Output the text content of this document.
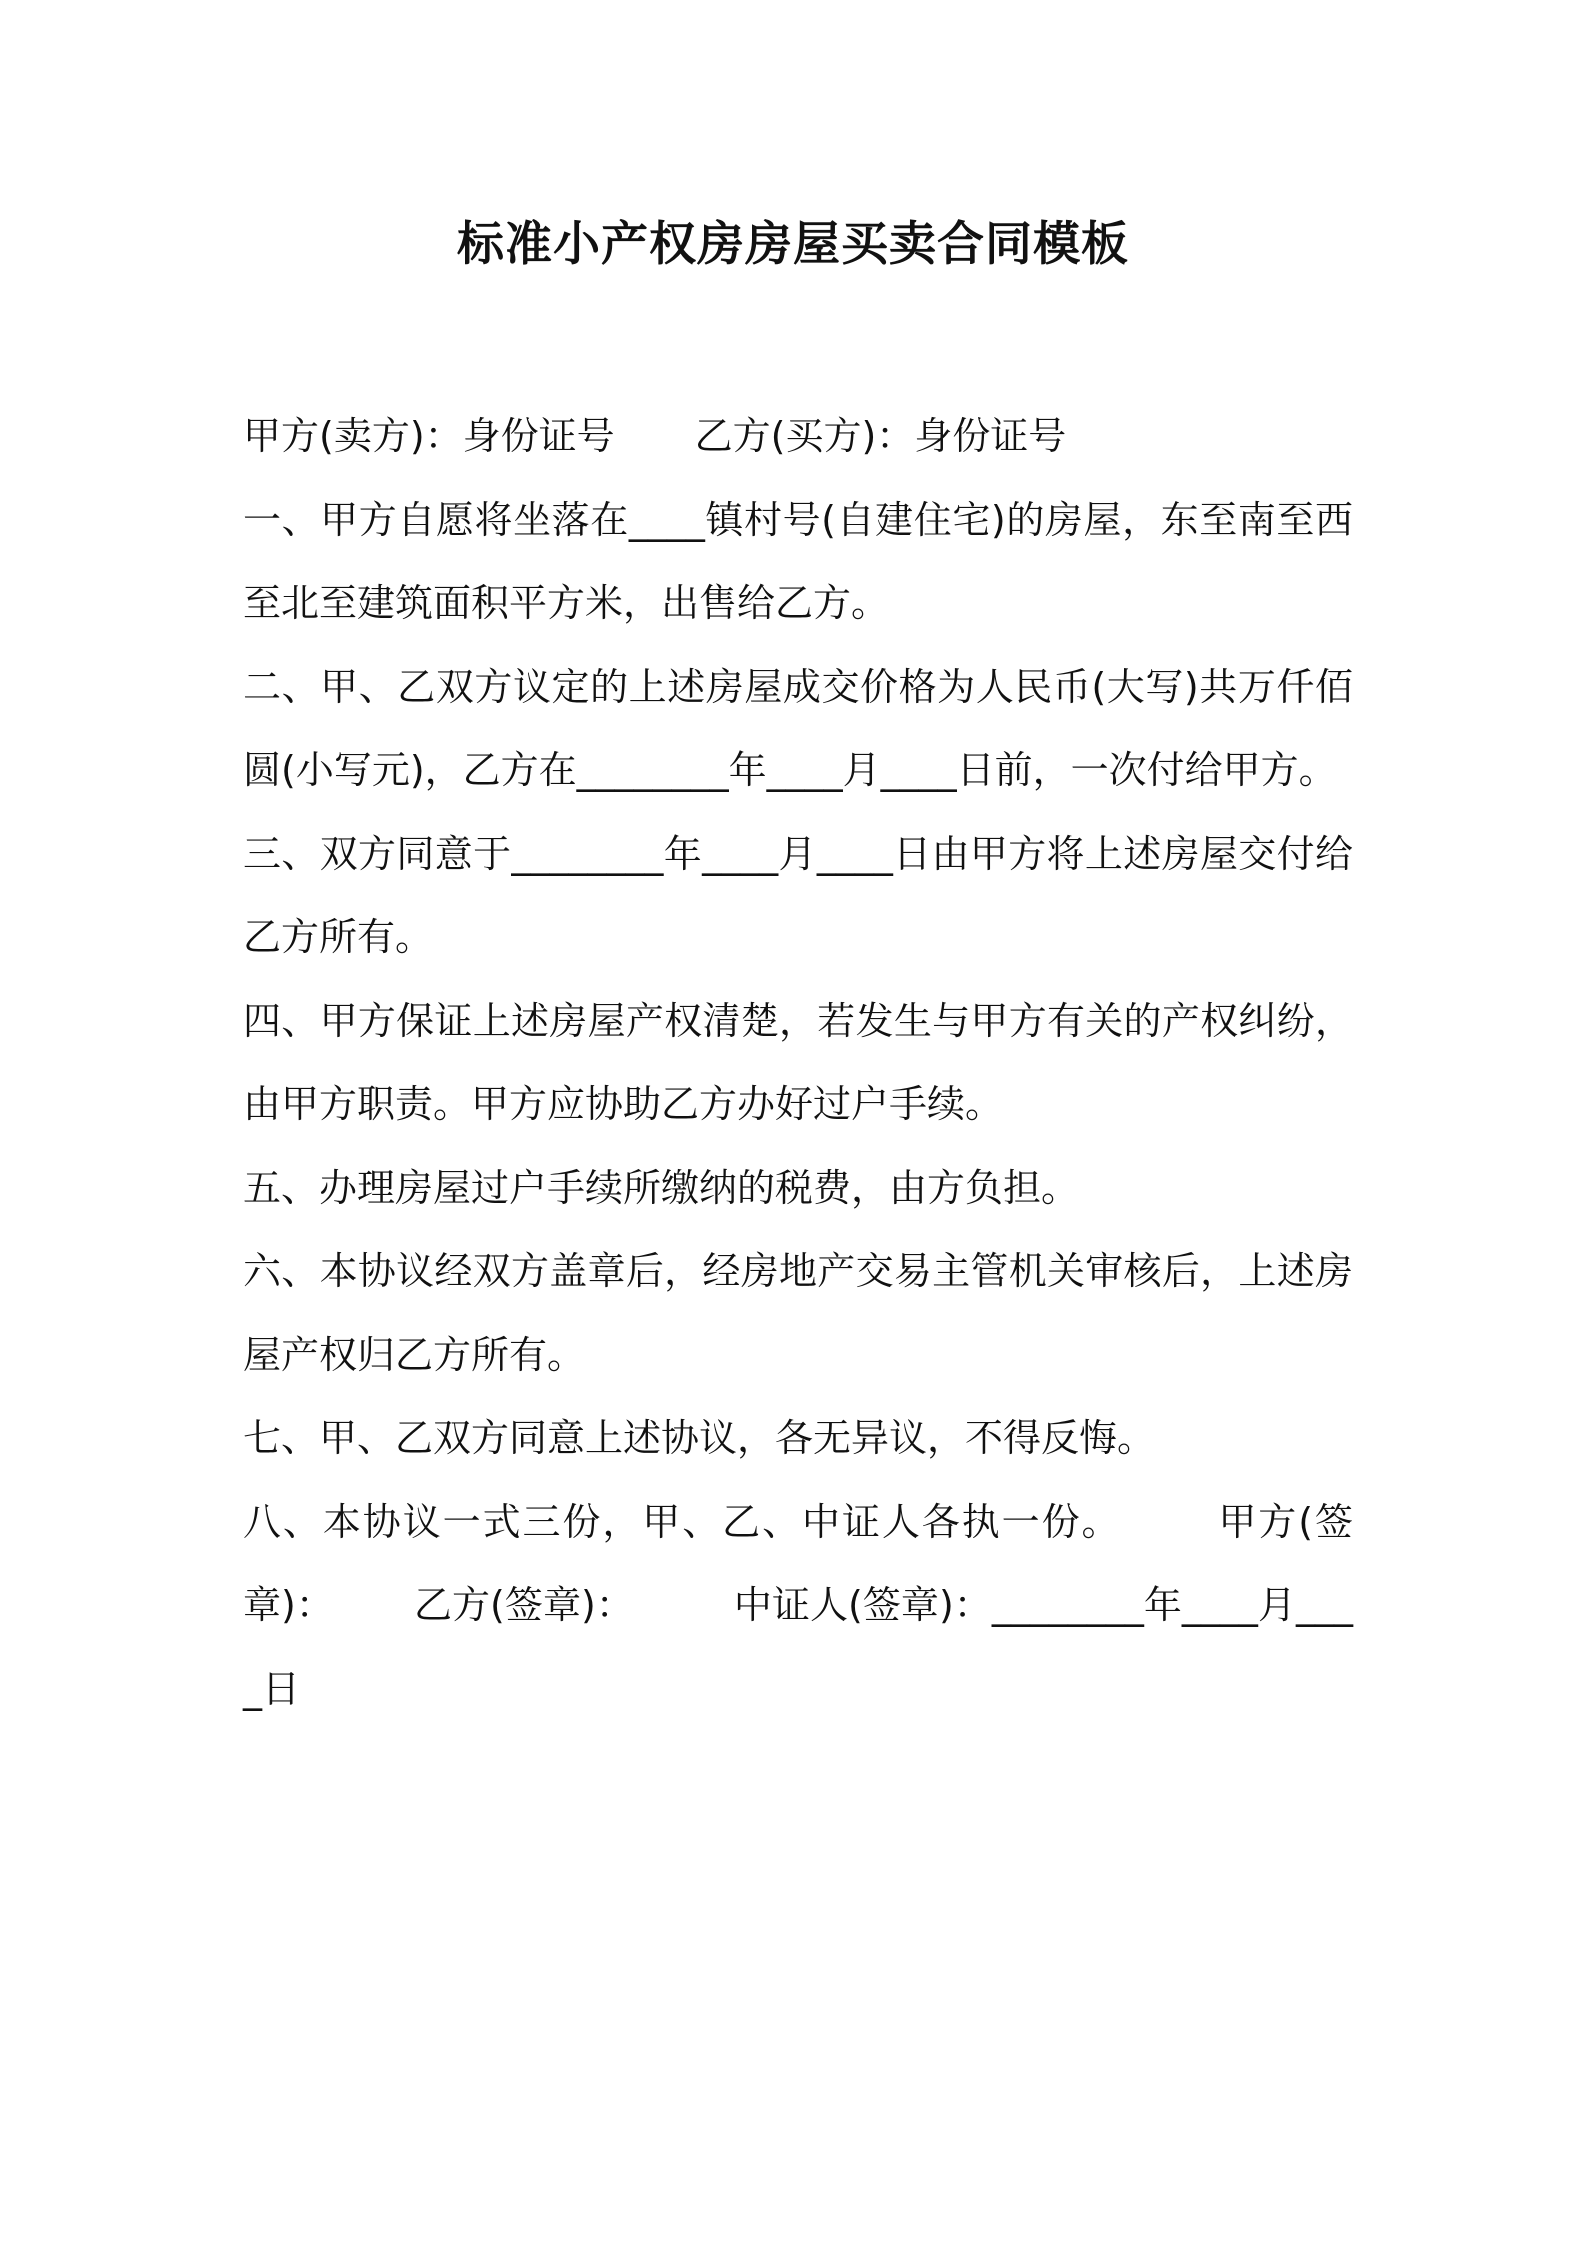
标准小产权房房屋买卖合同模板

甲方(卖方)：身份证号 乙方(买方)：身份证号

一、甲方自愿将坐落在____镇村号(自建住宅)的房屋，东至南至西至北至建筑面积平方米，出售给乙方。

二、甲、乙双方议定的上述房屋成交价格为人民币(大写)共万仟佰圆(小写元)，乙方在________年____月____日前，一次付给甲方。

三、双方同意于________年____月____日由甲方将上述房屋交付给乙方所有。

四、甲方保证上述房屋产权清楚，若发生与甲方有关的产权纠纷，由甲方职责。甲方应协助乙方办好过户手续。

五、办理房屋过户手续所缴纳的税费，由方负担。

六、本协议经双方盖章后，经房地产交易主管机关审核后，上述房屋产权归乙方所有。

七、甲、乙双方同意上述协议，各无异议，不得反悔。

八、本协议一式三份，甲、乙、中证人各执一份。	甲方(签章)： 乙方(签章)：	中证人(签章)：________年____月____日
